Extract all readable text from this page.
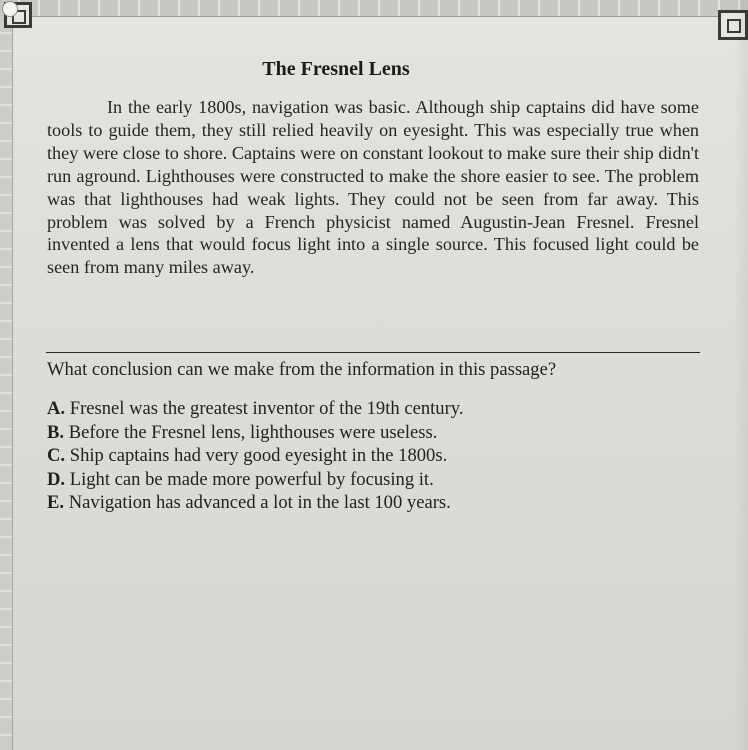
The Fresnel Lens

In the early 1800s, navigation was basic. Although ship captains did have some tools to guide them, they still relied heavily on eyesight. This was especially true when they were close to shore. Captains were on constant lookout to make sure their ship didn't run aground. Lighthouses were constructed to make the shore easier to see. The problem was that lighthouses had weak lights. They could not be seen from far away. This problem was solved by a French physicist named Augustin-Jean Fresnel. Fresnel invented a lens that would focus light into a single source. This focused light could be seen from many miles away.

What conclusion can we make from the information in this passage?

A. Fresnel was the greatest inventor of the 19th century.
B. Before the Fresnel lens, lighthouses were useless.
C. Ship captains had very good eyesight in the 1800s.
D. Light can be made more powerful by focusing it.
E. Navigation has advanced a lot in the last 100 years.
